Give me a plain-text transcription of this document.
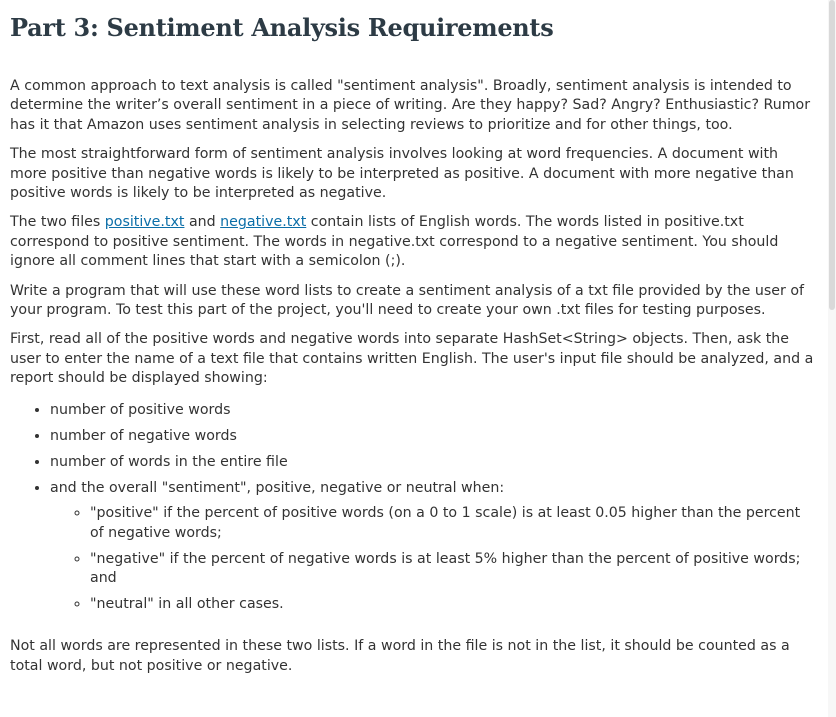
Part 3: Sentiment Analysis Requirements

A common approach to text analysis is called "sentiment analysis". Broadly, sentiment analysis is intended to determine the writer’s overall sentiment in a piece of writing. Are they happy? Sad? Angry? Enthusiastic? Rumor has it that Amazon uses sentiment analysis in selecting reviews to prioritize and for other things, too.

The most straightforward form of sentiment analysis involves looking at word frequencies. A document with more positive than negative words is likely to be interpreted as positive. A document with more negative than positive words is likely to be interpreted as negative.

The two files positive.txt and negative.txt contain lists of English words. The words listed in positive.txt correspond to positive sentiment. The words in negative.txt correspond to a negative sentiment. You should ignore all comment lines that start with a semicolon (;).

Write a program that will use these word lists to create a sentiment analysis of a txt file provided by the user of your program. To test this part of the project, you'll need to create your own .txt files for testing purposes.

First, read all of the positive words and negative words into separate HashSet<String> objects. Then, ask the user to enter the name of a text file that contains written English. The user's input file should be analyzed, and a report should be displayed showing:

• number of positive words
• number of negative words
• number of words in the entire file
• and the overall "sentiment", positive, negative or neutral when:
◦ "positive" if the percent of positive words (on a 0 to 1 scale) is at least 0.05 higher than the percent of negative words;
◦ "negative" if the percent of negative words is at least 5% higher than the percent of positive words; and
◦ "neutral" in all other cases.

Not all words are represented in these two lists. If a word in the file is not in the list, it should be counted as a total word, but not positive or negative.
